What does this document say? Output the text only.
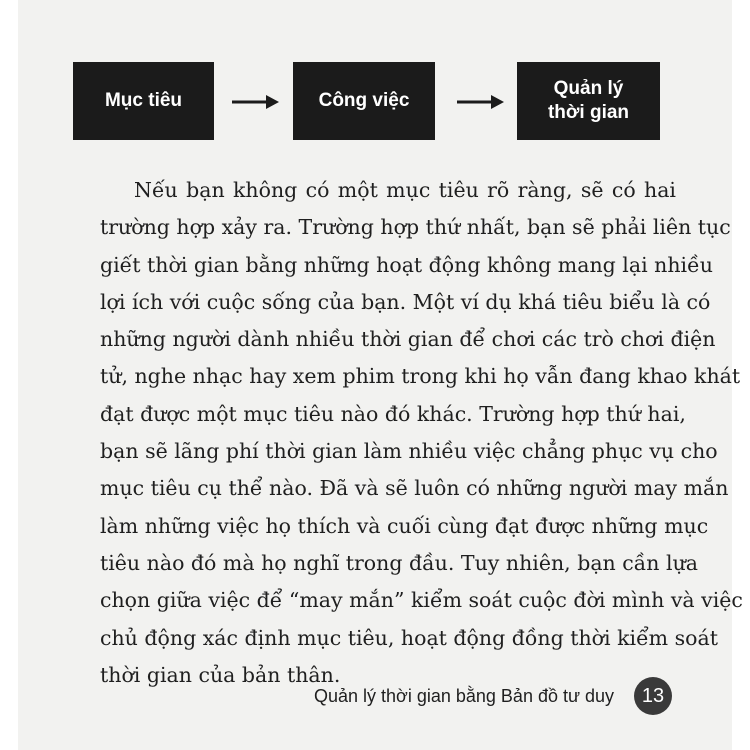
Mục tiêu	Công việc
Quản lý
thời gian
Nếu bạn không có một mục tiêu rõ ràng, sẽ có hai
trường hợp xảy ra. Trường hợp thứ nhất, bạn sẽ phải liên tục
giết thời gian bằng những hoạt động không mang lại nhiều
lợi ích với cuộc sống của bạn. Một ví dụ khá tiêu biểu là có
những người dành nhiều thời gian để chơi các trò chơi điện
tử, nghe nhạc hay xem phim trong khi họ vẫn đang khao khát
đạt được một mục tiêu nào đó khác. Trường hợp thứ hai,
bạn sẽ lãng phí thời gian làm nhiều việc chẳng phục vụ cho
mục tiêu cụ thể nào. Đã và sẽ luôn có những người may mắn
làm những việc họ thích và cuối cùng đạt được những mục
tiêu nào đó mà họ nghĩ trong đầu. Tuy nhiên, bạn cần lựa
chọn giữa việc để “may mắn” kiểm soát cuộc đời mình và việc
chủ động xác định mục tiêu, hoạt động đồng thời kiểm soát
thời gian của bản thân.
Quản lý thời gian bằng Bản đồ tư duy	13
